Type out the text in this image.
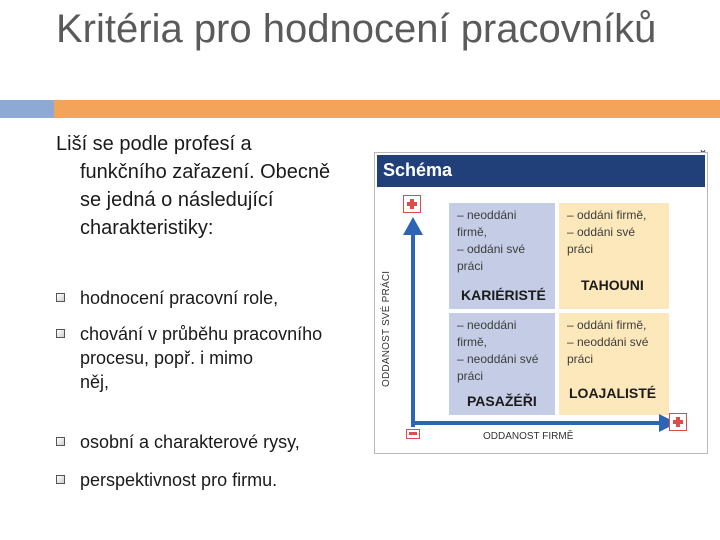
Kritéria pro hodnocení pracovníků
Liší se podle profesí a
funkčního zařazení. Obecně se jedná o následující charakteristiky:
hodnocení pracovní role,
chování v průběhu pracovního procesu, popř. i mimo
něj,
osobní a charakterové rysy,
perspektivnost pro firmu.
Schéma
– neoddáni
firmě,
– oddáni své
práci
KARIÉRISTÉ
– oddáni firmě,
– oddáni své
práci
TAHOUNI
– neoddáni
firmě,
– neoddáni své
práci
PASAŽÉŘI
– oddáni firmě,
– neoddáni své
práci
LOAJALISTÉ
ODDANOST SVÉ PRÁCI
ODDANOST FIRMĚ
